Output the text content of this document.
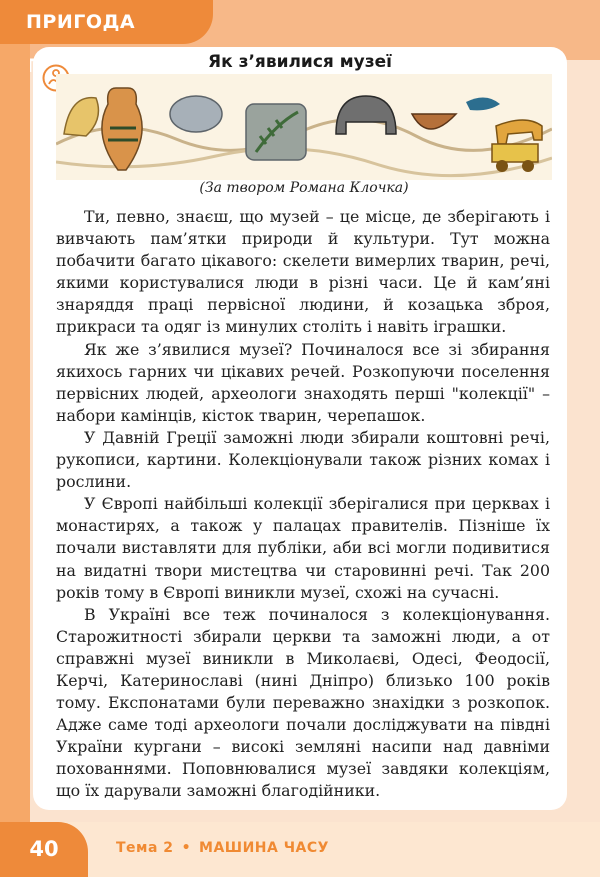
ПРИГОДА
Як з’явилися музеї
(За твором Романа Клочка)

Ти, певно, знаєш, що музей – це місце, де зберігають і вивчають пам’ятки природи й культури. Тут можна побачити багато цікавого: скелети вимерлих тварин, речі, якими користувалися люди в різні часи. Це й кам’яні знаряддя праці первісної людини, й козацька зброя, прикраси та одяг із минулих століть і навіть іграшки.

Як же з’явилися музеї? Починалося все зі збирання якихось гарних чи цікавих речей. Розкопуючи поселення первісних людей, археологи знаходять перші "колекції" – набори камінців, кісток тварин, черепашок.

У Давній Греції заможні люди збирали коштовні речі, рукописи, картини. Колекціонували також різних комах і рослини.

У Європі найбільші колекції зберігалися при церквах і монастирях, а також у палацах правителів. Пізніше їх почали виставляти для публіки, аби всі могли подивитися на видатні твори мистецтва чи старовинні речі. Так 200 років тому в Європі виникли музеї, схожі на сучасні.

В Україні все теж починалося з колекціонування. Старожитності збирали церкви та заможні люди, а от справжні музеї виникли в Миколаєві, Одесі, Феодосії, Керчі, Катеринославі (нині Дніпро) близько 100 років тому. Експонатами були переважно знахідки з розкопок. Адже саме тоді археологи почали досліджувати на півдні України кургани – високі земляні насипи над давніми похованнями. Поповнювалися музеї завдяки колекціям, що їх дарували заможні благодійники.

40	Тема 2 • МАШИНА ЧАСУ
